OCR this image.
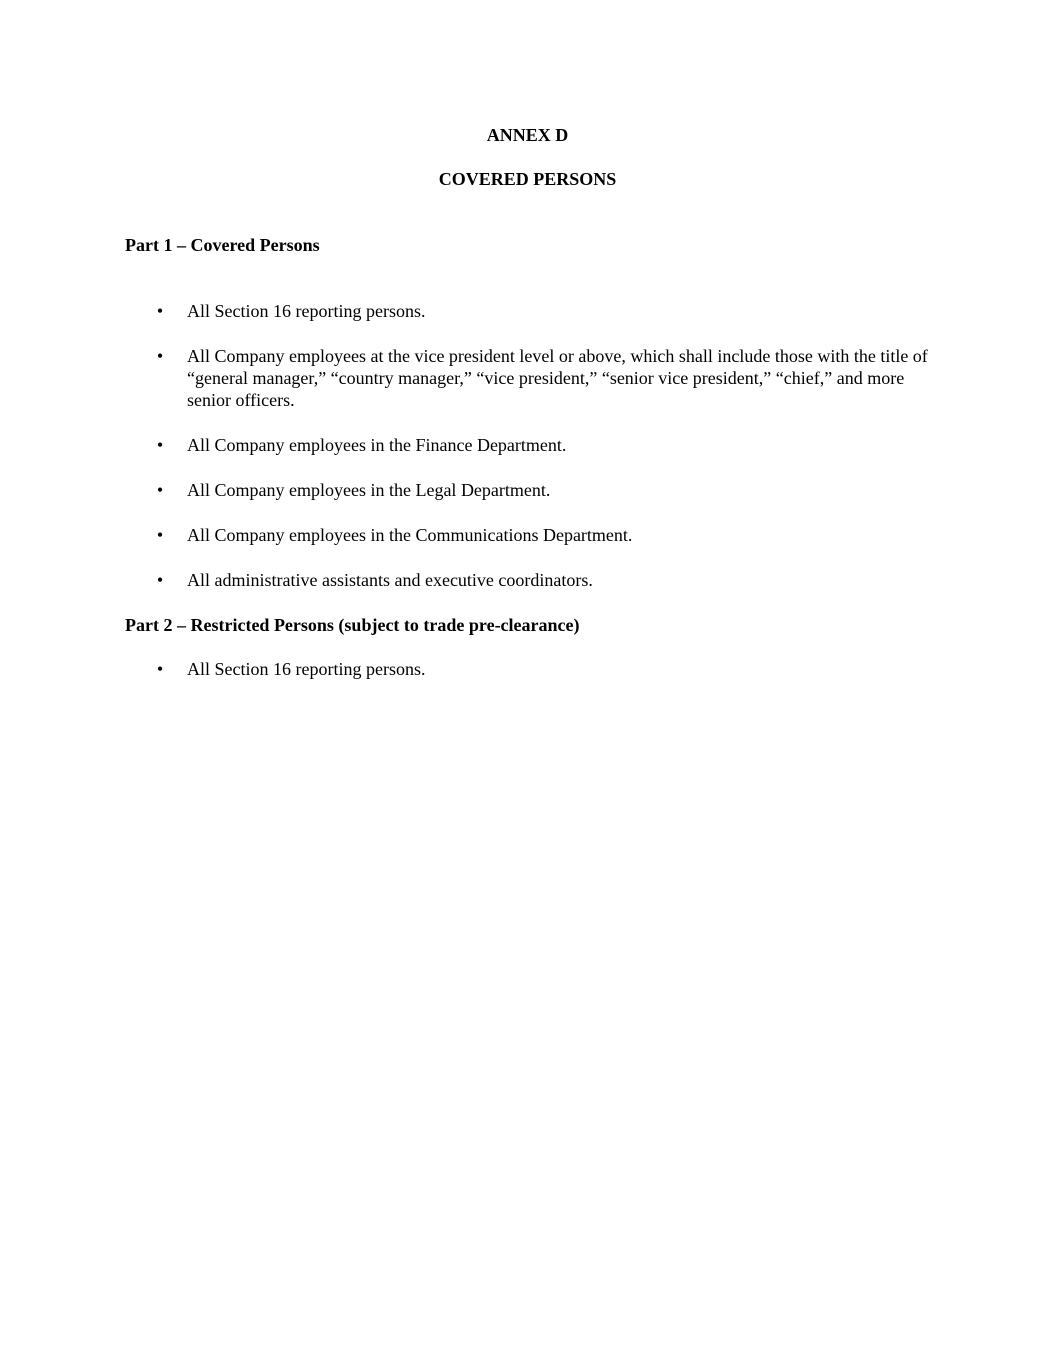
ANNEX D
COVERED PERSONS
Part 1 – Covered Persons
• All Section 16 reporting persons.
• All Company employees at the vice president level or above, which shall include those with the title of “general manager,” “country manager,” “vice president,” “senior vice president,” “chief,” and more senior officers.
• All Company employees in the Finance Department.
• All Company employees in the Legal Department.
• All Company employees in the Communications Department.
• All administrative assistants and executive coordinators.
Part 2 – Restricted Persons (subject to trade pre-clearance)
• All Section 16 reporting persons.
